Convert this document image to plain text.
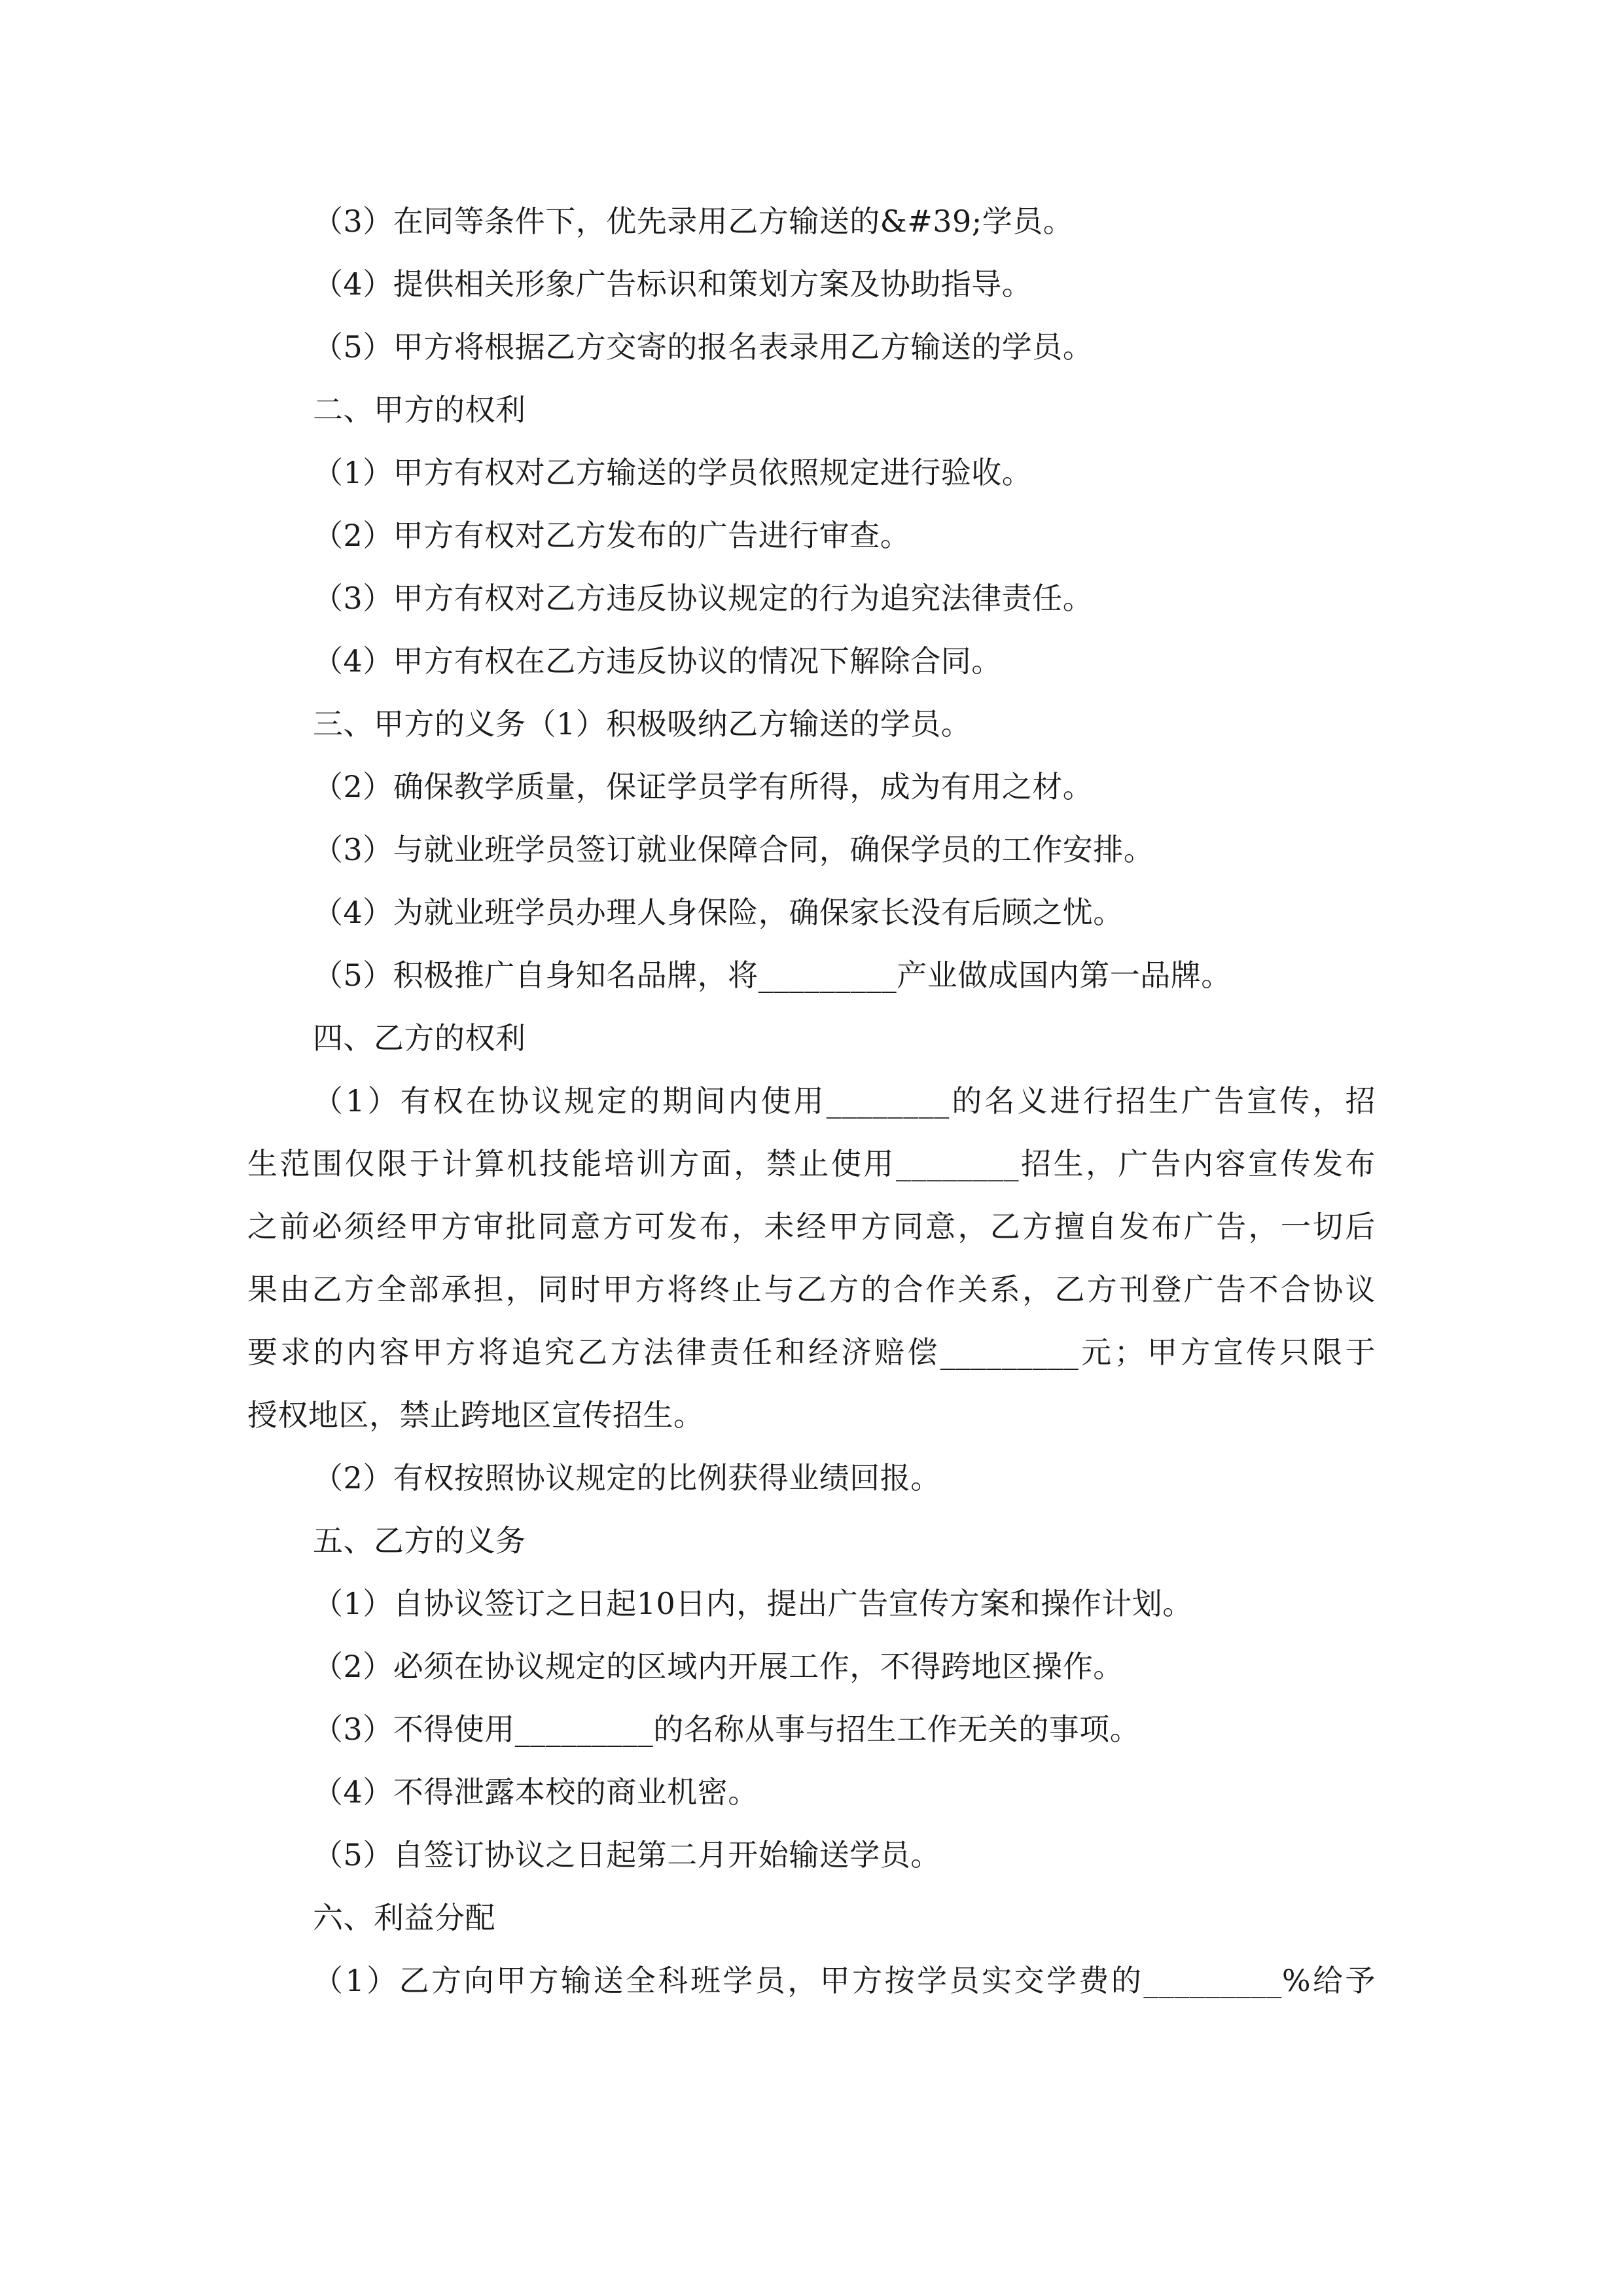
（3）在同等条件下，优先录用乙方输送的&#39;学员。
（4）提供相关形象广告标识和策划方案及协助指导。
（5）甲方将根据乙方交寄的报名表录用乙方输送的学员。
二、甲方的权利
（1）甲方有权对乙方输送的学员依照规定进行验收。
（2）甲方有权对乙方发布的广告进行审查。
（3）甲方有权对乙方违反协议规定的行为追究法律责任。
（4）甲方有权在乙方违反协议的情况下解除合同。
三、甲方的义务（1）积极吸纳乙方输送的学员。
（2）确保教学质量，保证学员学有所得，成为有用之材。
（3）与就业班学员签订就业保障合同，确保学员的工作安排。
（4）为就业班学员办理人身保险，确保家长没有后顾之忧。
（5）积极推广自身知名品牌，将_________产业做成国内第一品牌。
四、乙方的权利
（1）有权在协议规定的期间内使用________的名义进行招生广告宣传，招
生范围仅限于计算机技能培训方面，禁止使用________招生，广告内容宣传发布
之前必须经甲方审批同意方可发布，未经甲方同意，乙方擅自发布广告，一切后
果由乙方全部承担，同时甲方将终止与乙方的合作关系，乙方刊登广告不合协议
要求的内容甲方将追究乙方法律责任和经济赔偿_________元；甲方宣传只限于
授权地区，禁止跨地区宣传招生。
（2）有权按照协议规定的比例获得业绩回报。
五、乙方的义务
（1）自协议签订之日起10日内，提出广告宣传方案和操作计划。
（2）必须在协议规定的区域内开展工作，不得跨地区操作。
（3）不得使用_________的名称从事与招生工作无关的事项。
（4）不得泄露本校的商业机密。
（5）自签订协议之日起第二月开始输送学员。
六、利益分配
（1）乙方向甲方输送全科班学员，甲方按学员实交学费的_________%给予
